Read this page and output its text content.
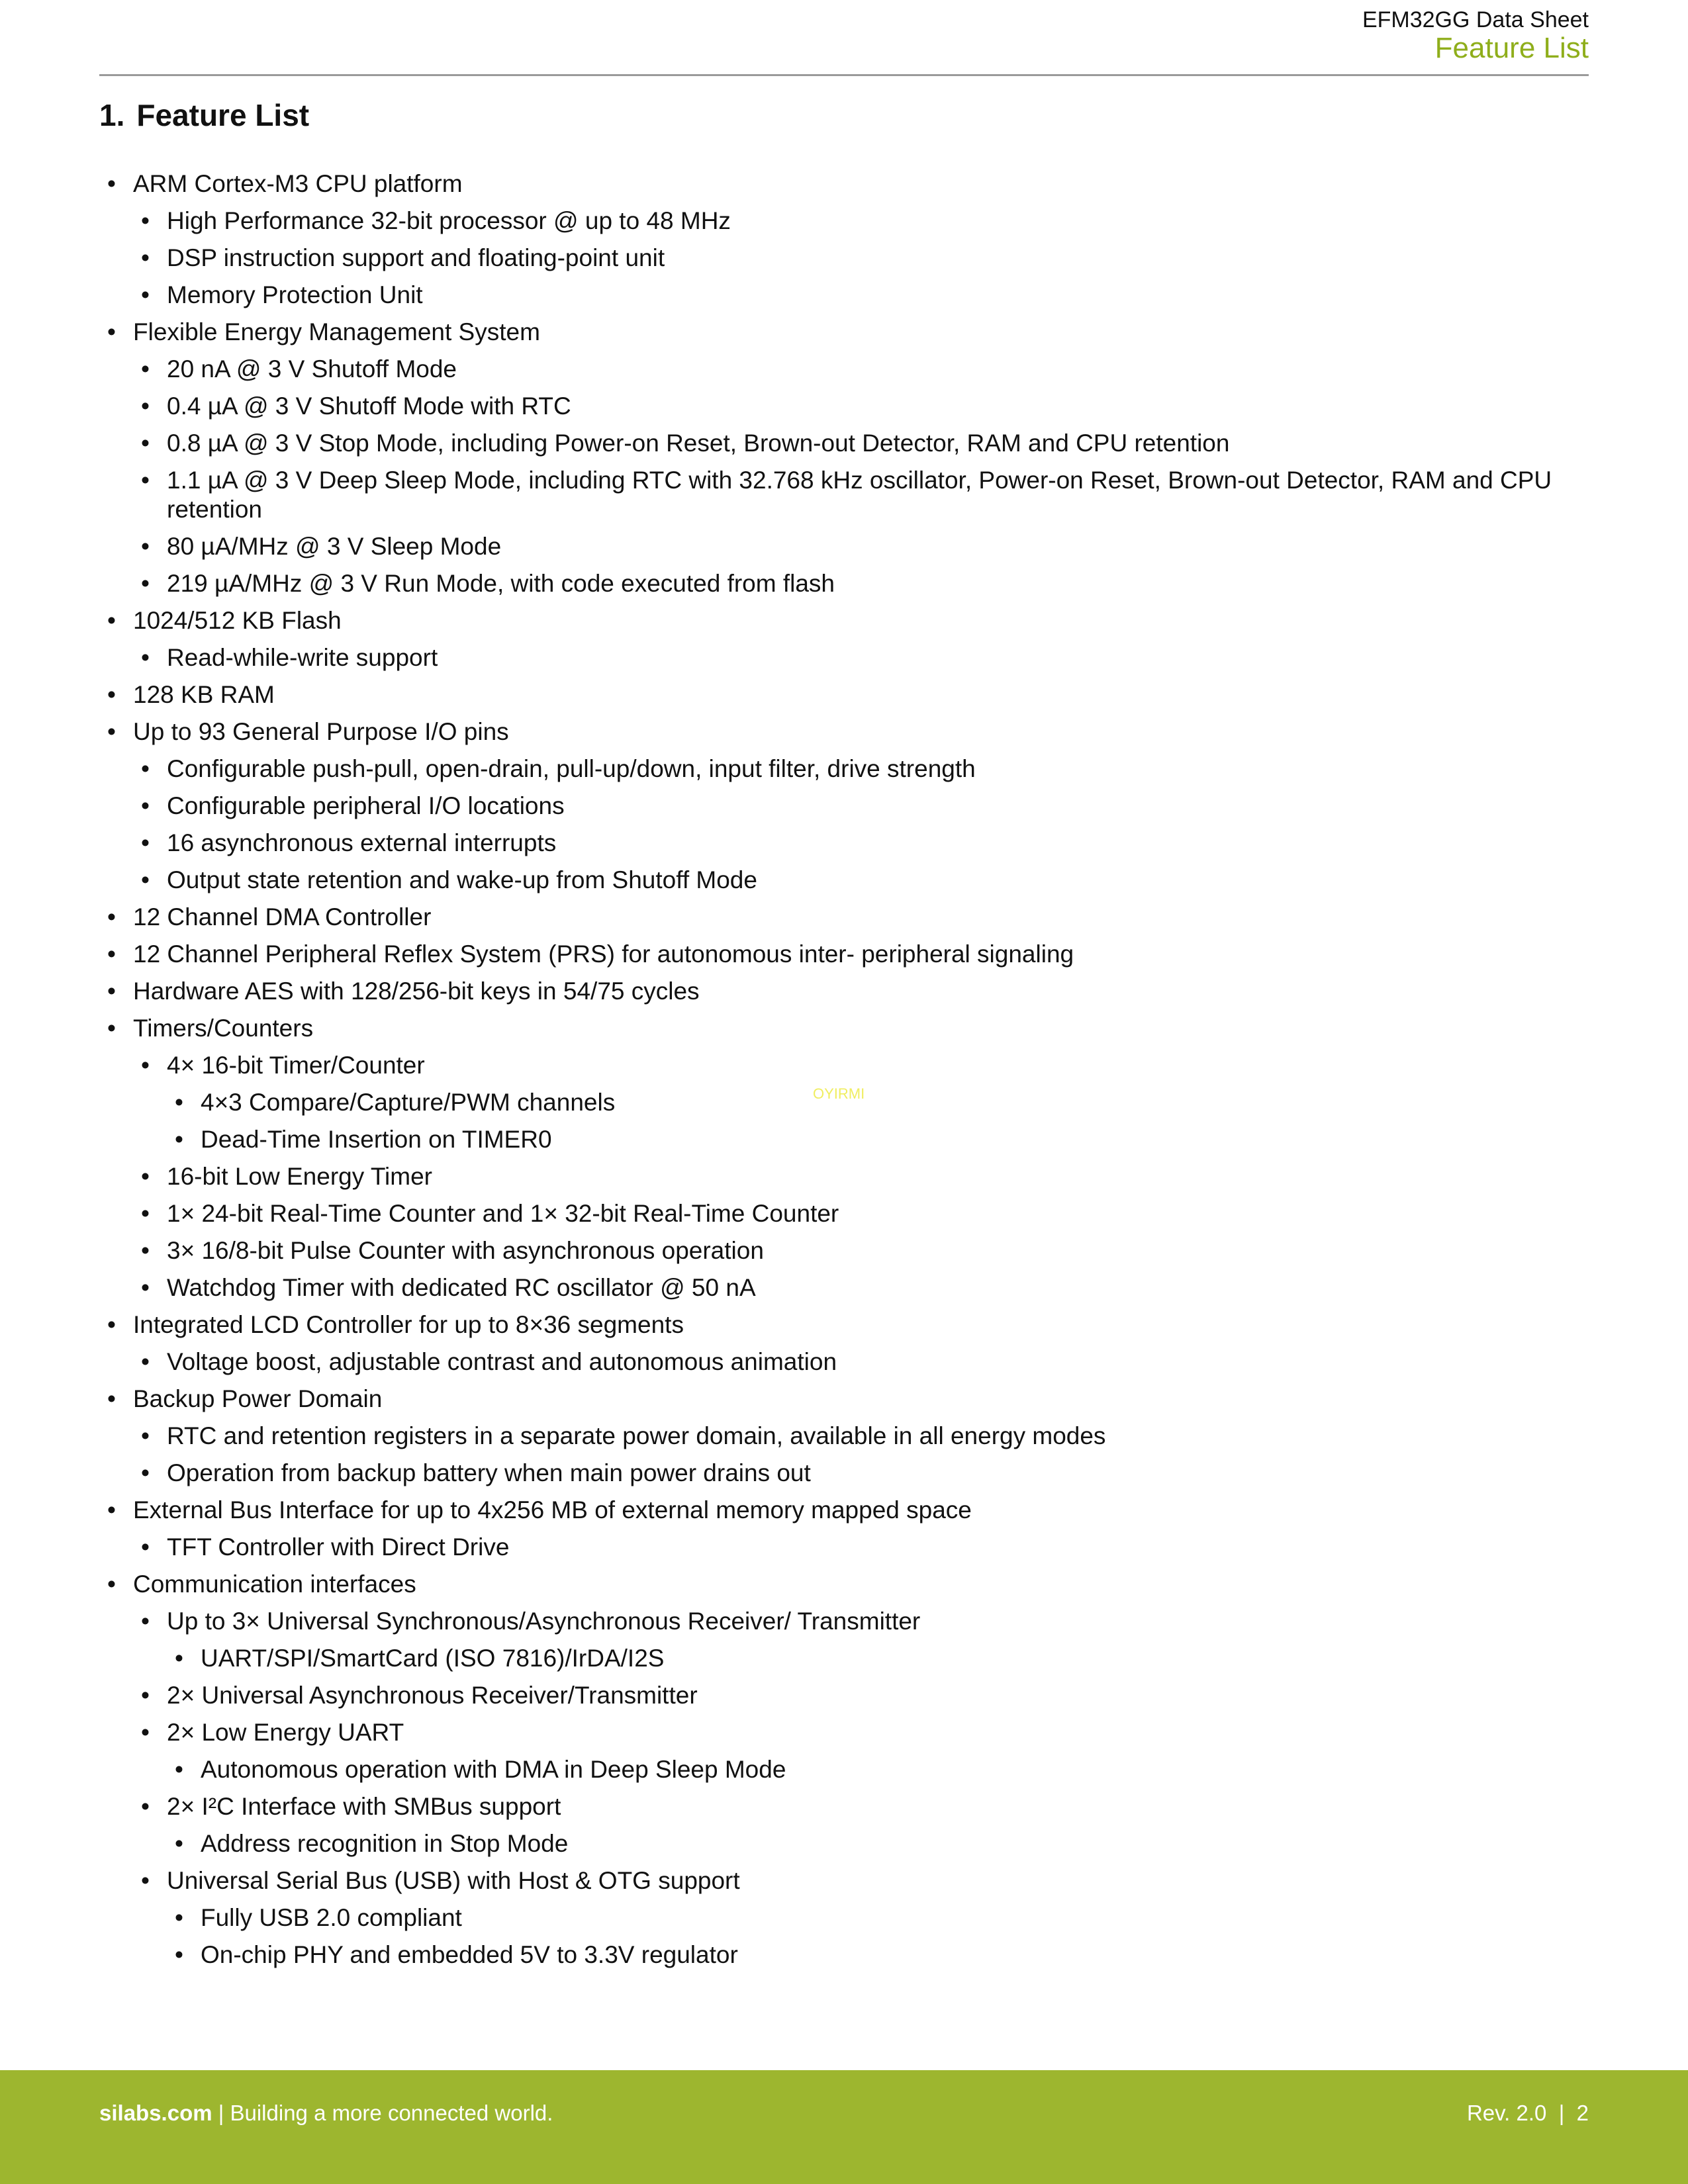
EFM32GG Data Sheet
Feature List
1. Feature List
• ARM Cortex-M3 CPU platform
• High Performance 32-bit processor @ up to 48 MHz
• DSP instruction support and floating-point unit
• Memory Protection Unit
• Flexible Energy Management System
• 20 nA @ 3 V Shutoff Mode
• 0.4 µA @ 3 V Shutoff Mode with RTC
• 0.8 µA @ 3 V Stop Mode, including Power-on Reset, Brown-out Detector, RAM and CPU retention
• 1.1 µA @ 3 V Deep Sleep Mode, including RTC with 32.768 kHz oscillator, Power-on Reset, Brown-out Detector, RAM and CPU retention
• 80 µA/MHz @ 3 V Sleep Mode
• 219 µA/MHz @ 3 V Run Mode, with code executed from flash
• 1024/512 KB Flash
• Read-while-write support
• 128 KB RAM
• Up to 93 General Purpose I/O pins
• Configurable push-pull, open-drain, pull-up/down, input filter, drive strength
• Configurable peripheral I/O locations
• 16 asynchronous external interrupts
• Output state retention and wake-up from Shutoff Mode
• 12 Channel DMA Controller
• 12 Channel Peripheral Reflex System (PRS) for autonomous inter- peripheral signaling
• Hardware AES with 128/256-bit keys in 54/75 cycles
• Timers/Counters
• 4× 16-bit Timer/Counter
• 4×3 Compare/Capture/PWM channels
• Dead-Time Insertion on TIMER0
• 16-bit Low Energy Timer
• 1× 24-bit Real-Time Counter and 1× 32-bit Real-Time Counter
• 3× 16/8-bit Pulse Counter with asynchronous operation
• Watchdog Timer with dedicated RC oscillator @ 50 nA
• Integrated LCD Controller for up to 8×36 segments
• Voltage boost, adjustable contrast and autonomous animation
• Backup Power Domain
• RTC and retention registers in a separate power domain, available in all energy modes
• Operation from backup battery when main power drains out
• External Bus Interface for up to 4x256 MB of external memory mapped space
• TFT Controller with Direct Drive
• Communication interfaces
• Up to 3× Universal Synchronous/Asynchronous Receiver/ Transmitter
• UART/SPI/SmartCard (ISO 7816)/IrDA/I2S
• 2× Universal Asynchronous Receiver/Transmitter
• 2× Low Energy UART
• Autonomous operation with DMA in Deep Sleep Mode
• 2× I²C Interface with SMBus support
• Address recognition in Stop Mode
• Universal Serial Bus (USB) with Host & OTG support
• Fully USB 2.0 compliant
• On-chip PHY and embedded 5V to 3.3V regulator
OYIRMI
silabs.com | Building a more connected world.	Rev. 2.0  |  2
